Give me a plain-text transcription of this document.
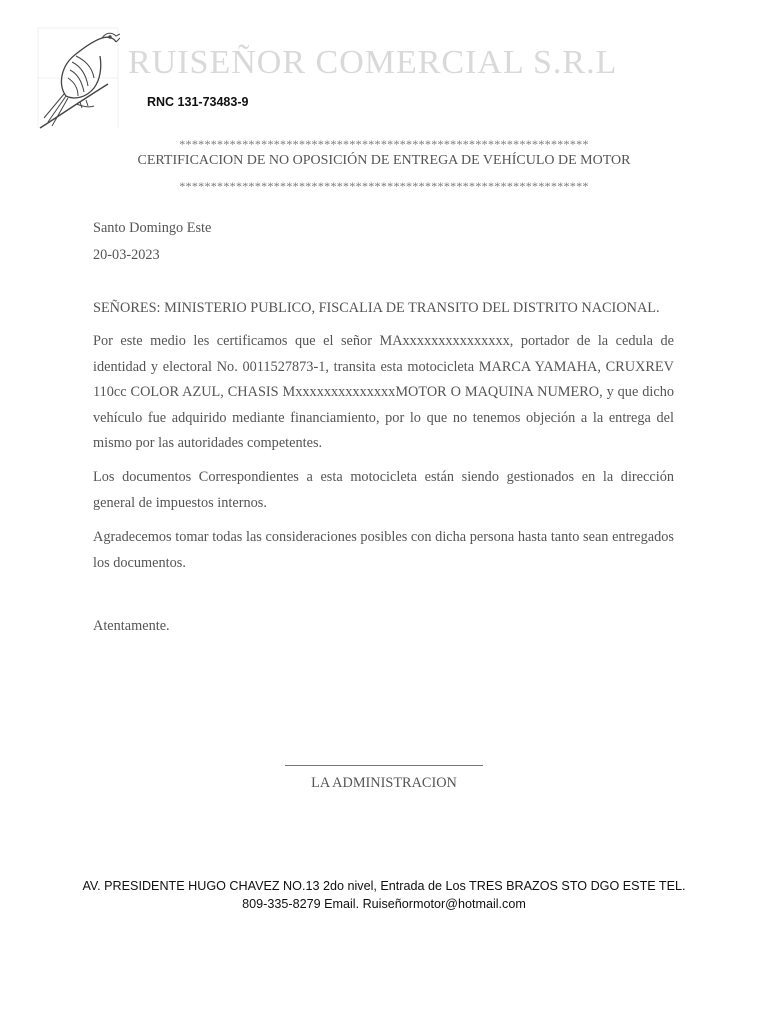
RUISEÑOR COMERCIAL S.R.L
RNC 131-73483-9
*****************************************************************
CERTIFICACION DE NO OPOSICIÓN DE ENTREGA DE VEHÍCULO DE MOTOR
*****************************************************************
Santo Domingo Este
20-03-2023
SEÑORES: MINISTERIO PUBLICO, FISCALIA DE TRANSITO DEL DISTRITO NACIONAL.
Por este medio les certificamos que el señor MAxxxxxxxxxxxxxxx, portador de la cedula de identidad y electoral No. 0011527873-1, transita esta motocicleta MARCA YAMAHA, CRUXREV 110cc COLOR AZUL, CHASIS MxxxxxxxxxxxxxxMOTOR O MAQUINA NUMERO, y que dicho vehículo fue adquirido mediante financiamiento, por lo que no tenemos objeción a la entrega del mismo por las autoridades competentes.
Los documentos Correspondientes a esta motocicleta están siendo gestionados en la dirección general de impuestos internos.
Agradecemos tomar todas las consideraciones posibles con dicha persona hasta tanto sean entregados los documentos.
Atentamente.
LA ADMINISTRACION
AV. PRESIDENTE HUGO CHAVEZ NO.13 2do nivel, Entrada de Los TRES BRAZOS STO DGO ESTE TEL.
809-335-8279 Email. Ruiseñormotor@hotmail.com
